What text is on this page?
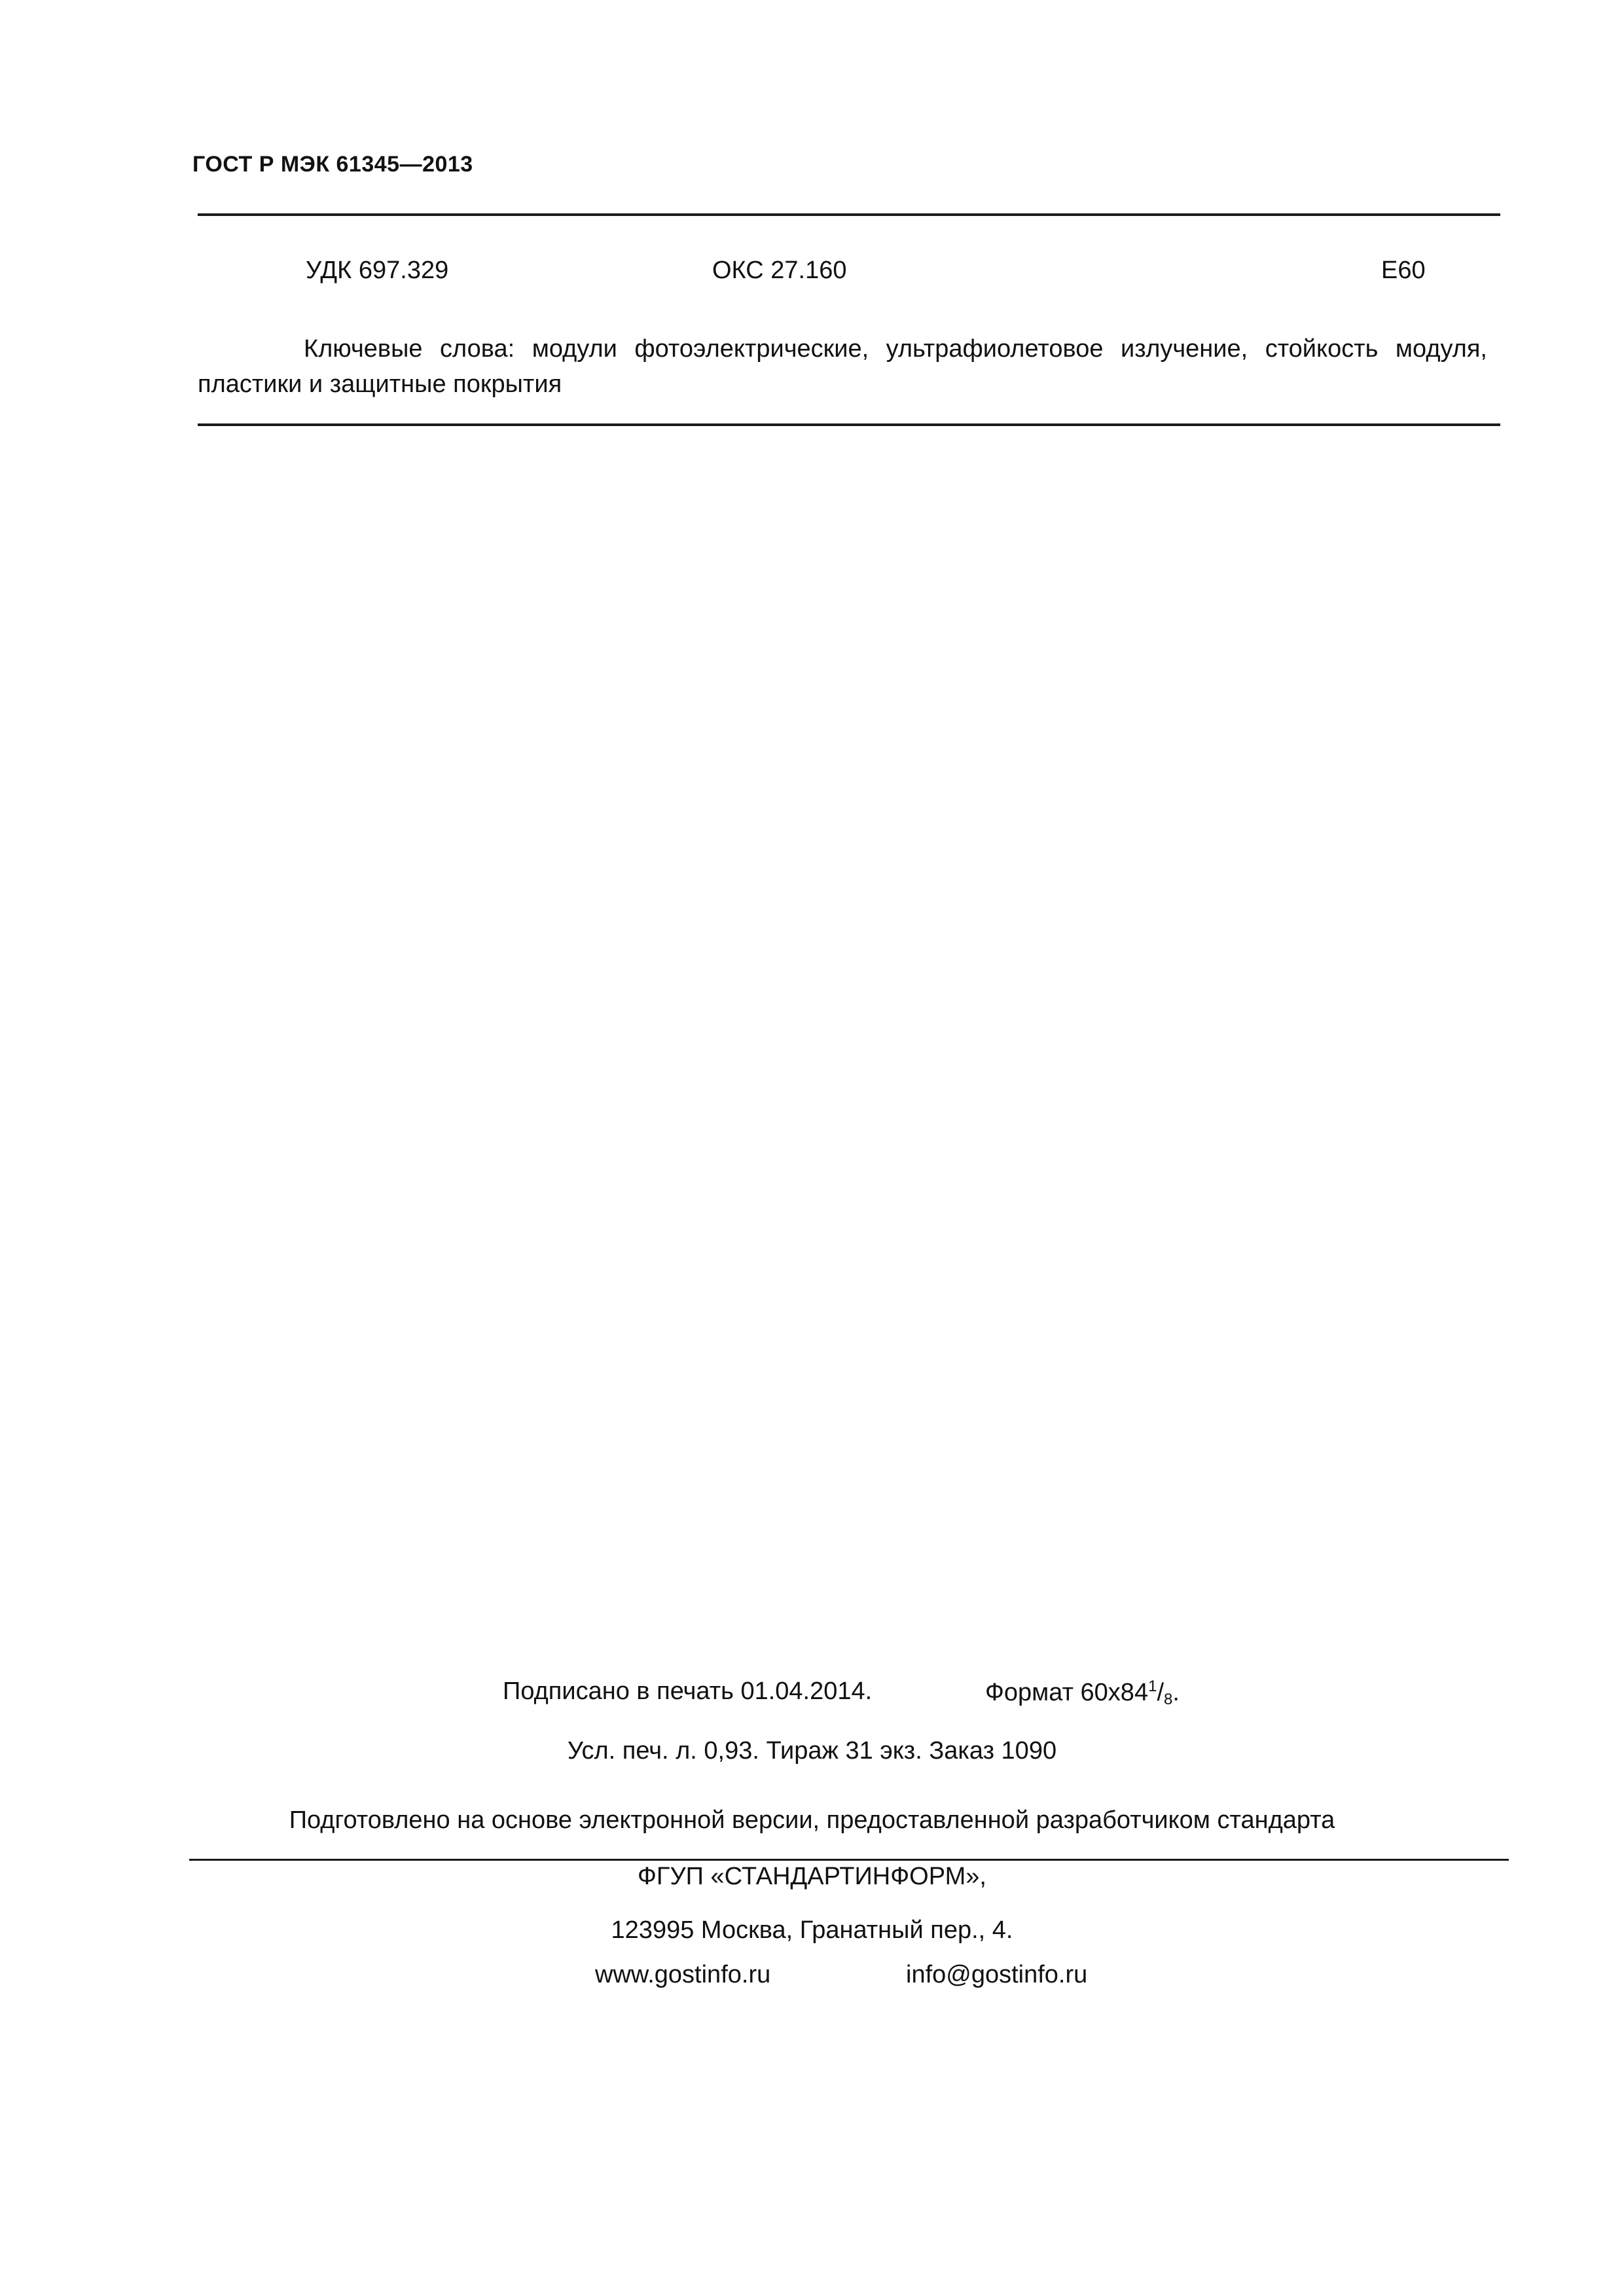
ГОСТ Р МЭК 61345—2013
УДК 697.329	ОКС 27.160	Е60
Ключевые слова: модули фотоэлектрические, ультрафиолетовое излучение, стойкость модуля, пластики и защитные покрытия
Подписано в печать 01.04.2014.	Формат $60x84^1/_8$.
Усл. печ. л. 0,93. Тираж 31 экз. Заказ 1090
Подготовлено на основе электронной версии, предоставленной разработчиком стандарта
ФГУП «СТАНДАРТИНФОРМ»,
123995 Москва, Гранатный пер., 4.
www.gostinfo.ru	info@gostinfo.ru
